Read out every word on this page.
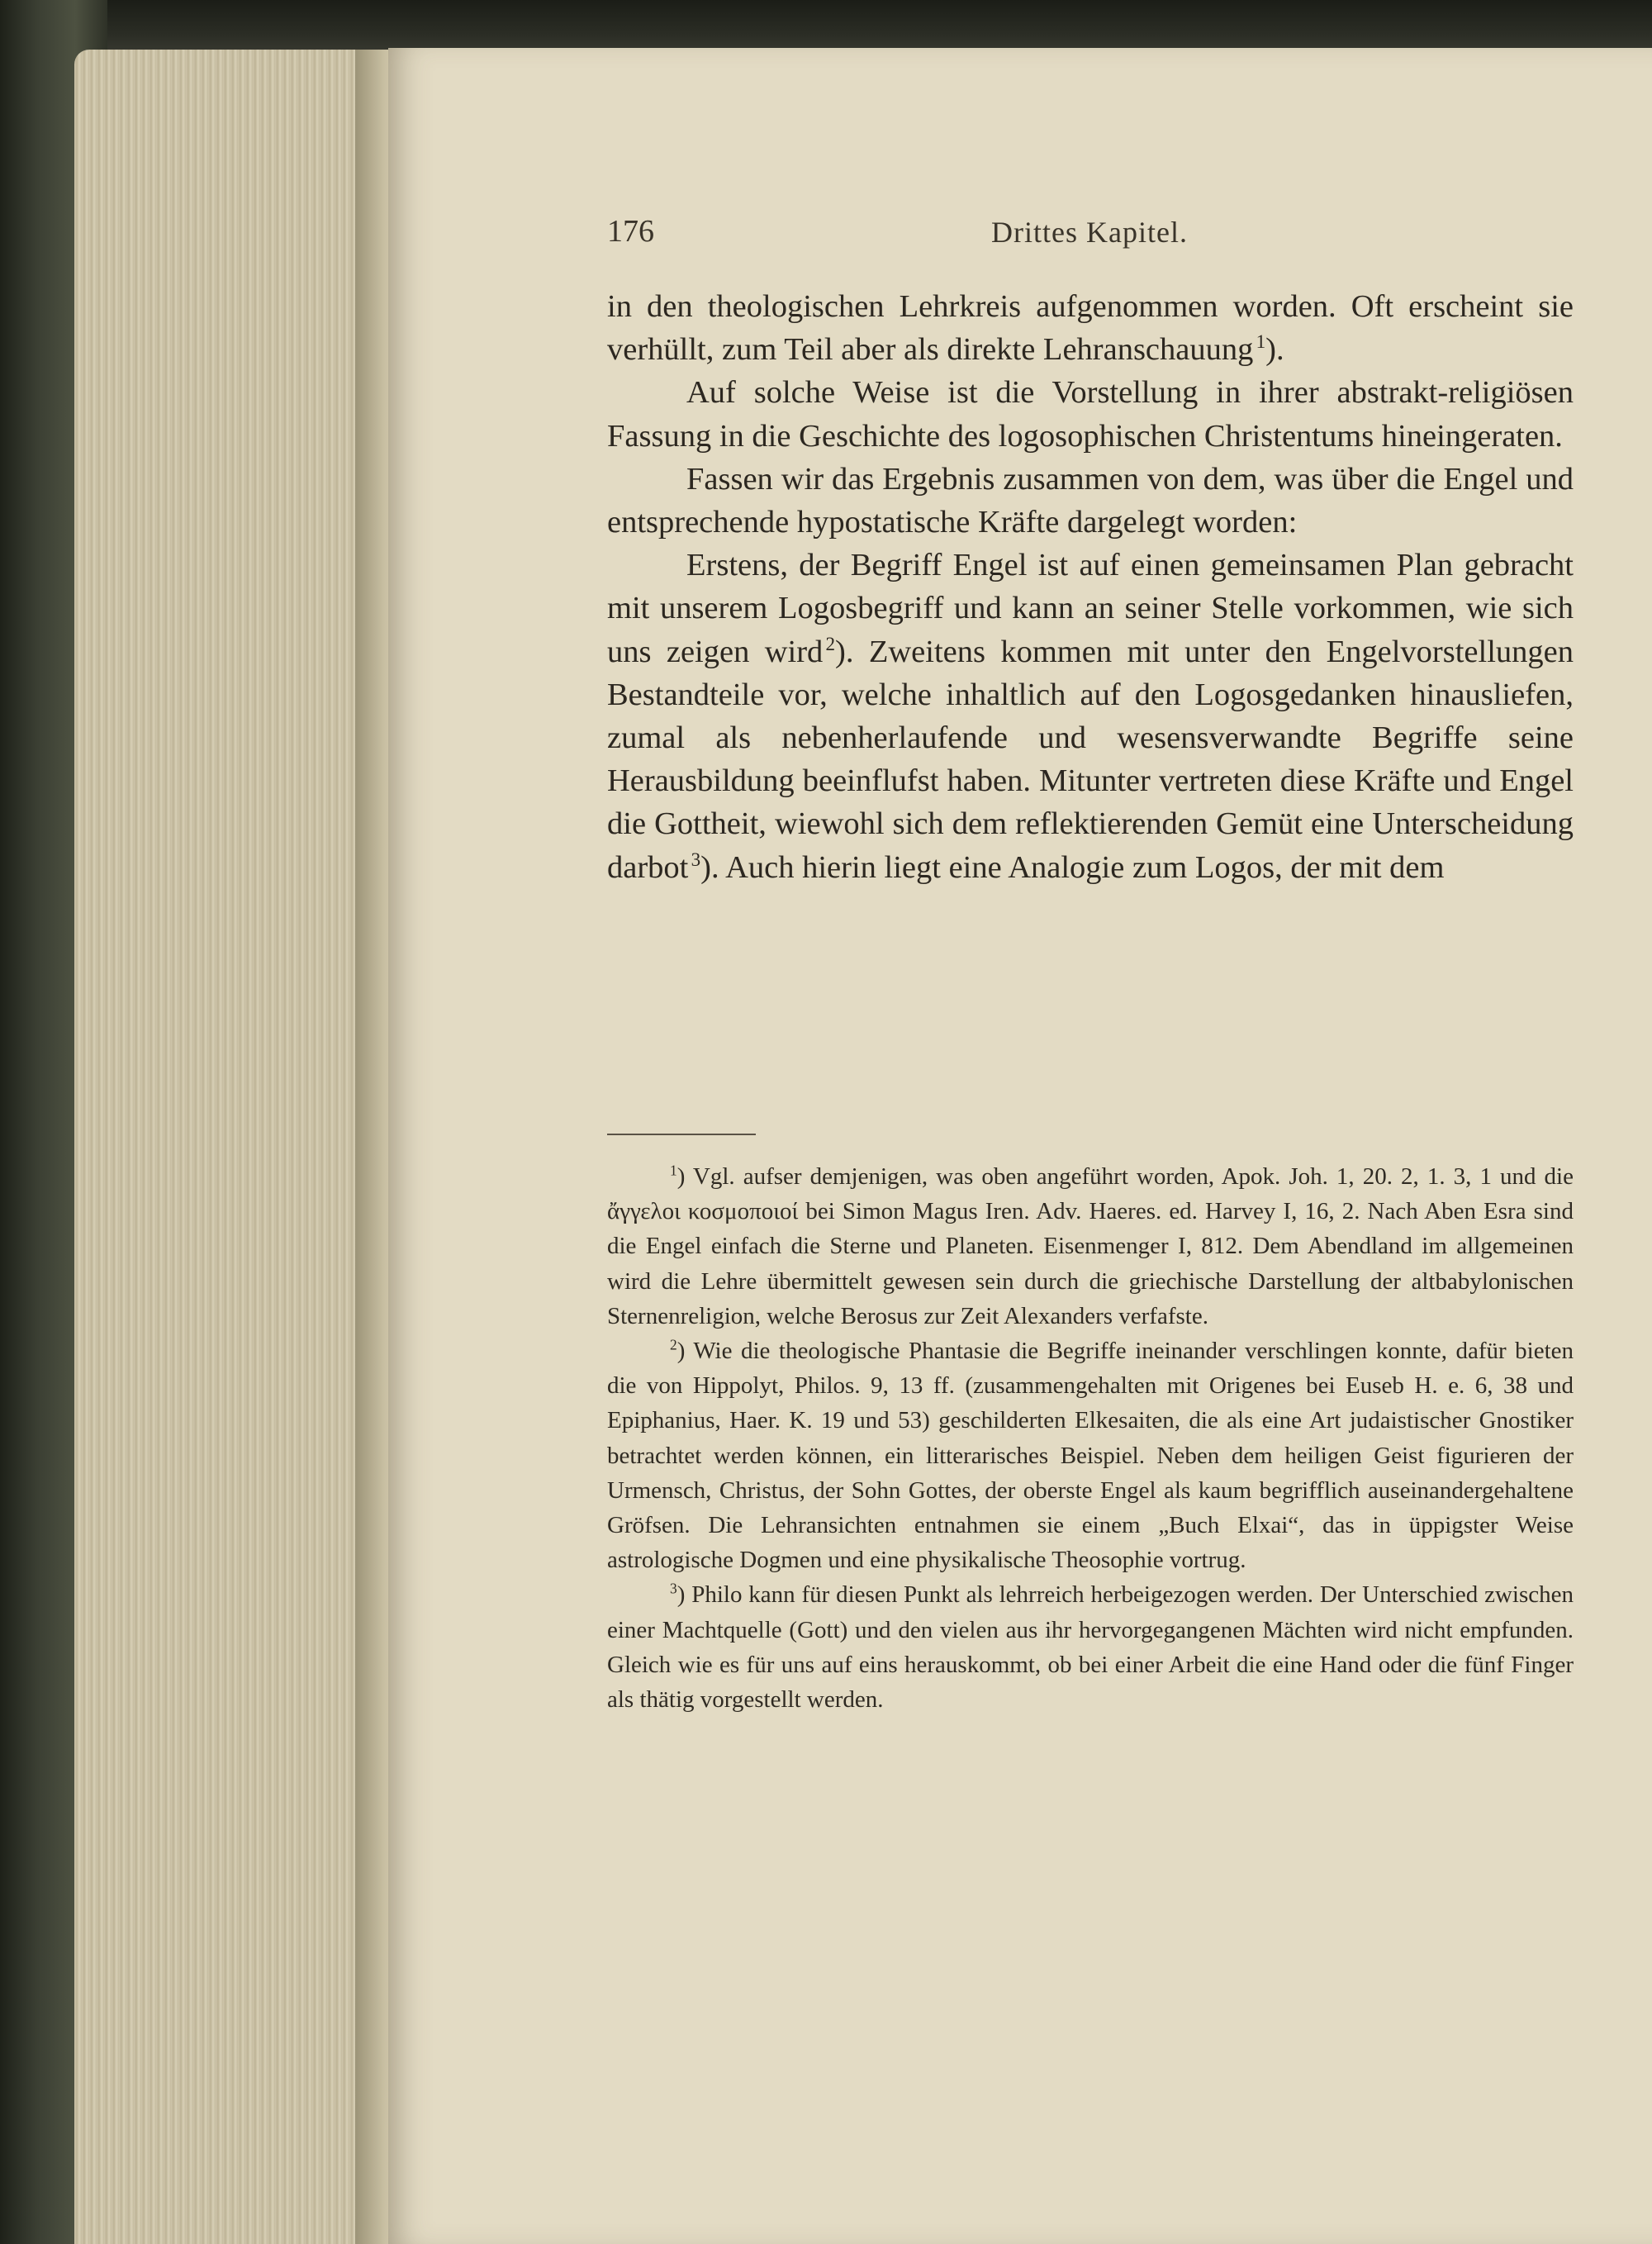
176	Drittes Kapitel.

in den theologischen Lehrkreis aufgenommen worden. Oft erscheint sie verhüllt, zum Teil aber als direkte Lehranschauung  $^1$).

Auf solche Weise ist die Vorstellung in ihrer abstrakt-religiösen Fassung in die Geschichte des logosophischen Christentums hineingeraten.

Fassen wir das Ergebnis zusammen von dem, was über die Engel und entsprechende hypostatische Kräfte dargelegt worden:

Erstens, der Begriff Engel ist auf einen gemeinsamen Plan gebracht mit unserem Logosbegriff und kann an seiner Stelle vorkommen, wie sich uns zeigen wird  $^2$). Zweitens kommen mit unter den Engelvorstellungen Bestandteile vor, welche inhaltlich auf den Logosgedanken hinausliefen, zumal als nebenherlaufende und wesensverwandte Begriffe seine Herausbildung beeinflufst haben. Mitunter vertreten diese Kräfte und Engel die Gottheit, wiewohl sich dem reflektierenden Gemüt eine Unterscheidung darbot  $^3$). Auch hierin liegt eine Analogie zum Logos, der mit dem

$^1$) Vgl. aufser demjenigen, was oben angeführt worden, Apok. Joh. 1, 20. 2, 1. 3, 1 und die ἄγγελοι κοσμοποιοί bei Simon Magus Iren. Adv. Haeres. ed. Harvey I, 16, 2. Nach Aben Esra sind die Engel einfach die Sterne und Planeten. Eisenmenger I, 812. Dem Abendland im allgemeinen wird die Lehre übermittelt gewesen sein durch die griechische Darstellung der altbabylonischen Sternenreligion, welche Berosus zur Zeit Alexanders verfafste.

$^2$) Wie die theologische Phantasie die Begriffe ineinander verschlingen konnte, dafür bieten die von Hippolyt, Philos. 9, 13 ff. (zusammengehalten mit Origenes bei Euseb H. e. 6, 38 und Epiphanius, Haer. K. 19 und 53) geschilderten Elkesaiten, die als eine Art judaistischer Gnostiker betrachtet werden können, ein litterarisches Beispiel. Neben dem heiligen Geist figurieren der Urmensch, Christus, der Sohn Gottes, der oberste Engel als kaum begrifflich auseinandergehaltene Gröfsen. Die Lehransichten entnahmen sie einem „Buch Elxai“, das in üppigster Weise astrologische Dogmen und eine physikalische Theosophie vortrug.

$^3$) Philo kann für diesen Punkt als lehrreich herbeigezogen werden. Der Unterschied zwischen einer Machtquelle (Gott) und den vielen aus ihr hervorgegangenen Mächten wird nicht empfunden. Gleich wie es für uns auf eins herauskommt, ob bei einer Arbeit die eine Hand oder die fünf Finger als thätig vorgestellt werden.
